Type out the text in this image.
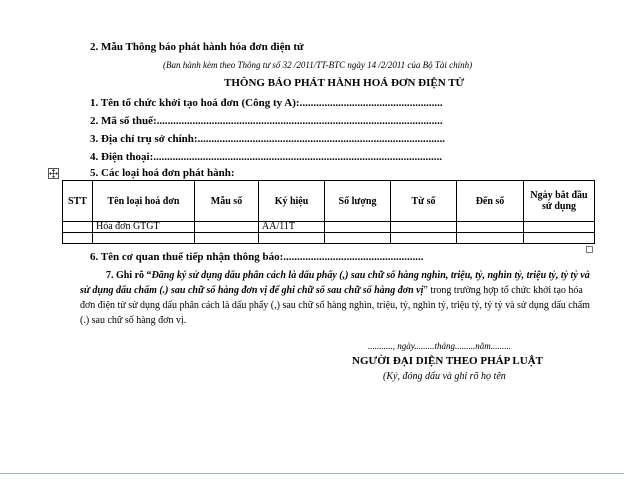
2. Mẫu Thông báo phát hành hóa đơn điện tử
(Ban hành kèm theo Thông tư số 32 /2011/TT-BTC ngày 14 /2/2011 của Bộ Tài chính)
THÔNG BÁO PHÁT HÀNH HOÁ ĐƠN ĐIỆN TỬ
1. Tên tổ chức khởi tạo hoá đơn (Công ty A):....................................................
2. Mã số thuế:........................................................................................................
3. Địa chỉ trụ sở chính:..........................................................................................
4. Điện thoại:.........................................................................................................
5. Các loại hoá đơn phát hành:
STT	Tên loại hoá đơn	Mẫu số	Ký hiệu	Số lượng	Từ số	Đến số	Ngày bắt đầu sử dụng
	Hóa đơn GTGT		AA/11T				

6. Tên cơ quan thuế tiếp nhận thông báo:...................................................
7. Ghi rõ “Đăng ký sử dụng dấu phân cách là dấu phẩy (,) sau chữ số hàng nghìn, triệu, tỷ, nghìn tỷ, triệu tỷ, tỷ tỷ và sử dụng dấu chấm (.) sau chữ số hàng đơn vị để ghi chữ số sau chữ số hàng đơn vị” trong trường hợp tổ chức khởi tạo hóa đơn điện tử sử dụng dấu phân cách là dấu phẩy (,) sau chữ số hàng nghìn, triệu, tỷ, nghìn tỷ, triệu tỷ, tỷ tỷ và sử dụng dấu chấm (.) sau chữ số hàng đơn vị.
..........., ngày.........tháng.........năm.........
NGƯỜI ĐẠI DIỆN THEO PHÁP LUẬT
(Ký, đóng dấu và ghi rõ họ tên
